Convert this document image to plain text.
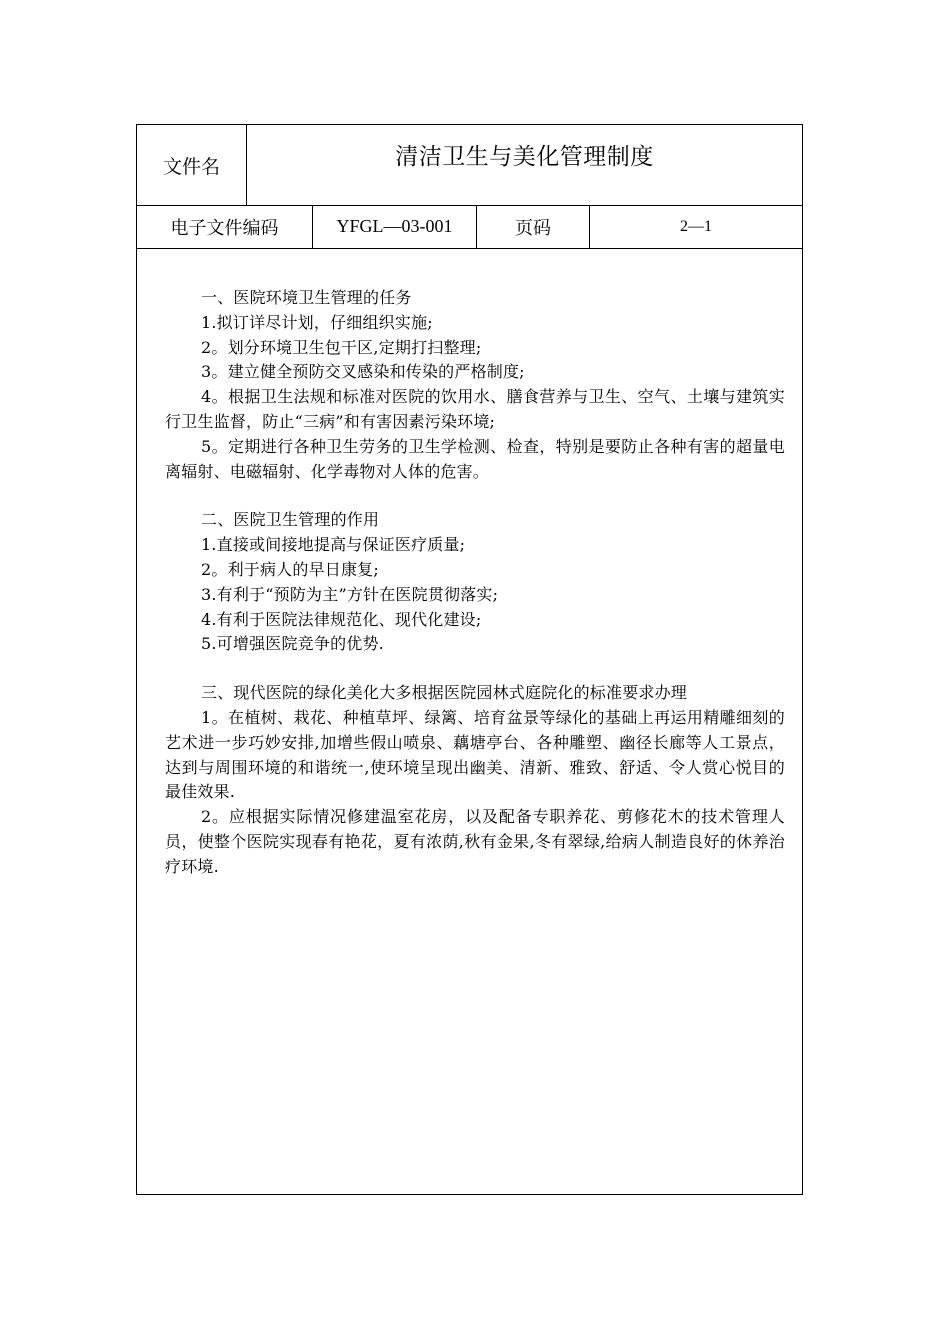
文件名	清洁卫生与美化管理制度
电子文件编码	YFGL—03-001	页码	2—1

一、医院环境卫生管理的任务

1.拟订详尽计划，仔细组织实施;

2。划分环境卫生包干区,定期打扫整理;

3。建立健全预防交叉感染和传染的严格制度;

4。根据卫生法规和标准对医院的饮用水、膳食营养与卫生、空气、土壤与建筑实行卫生监督，防止“三病”和有害因素污染环境;

5。定期进行各种卫生劳务的卫生学检测、检查，特别是要防止各种有害的超量电离辐射、电磁辐射、化学毒物对人体的危害。

二、医院卫生管理的作用

1.直接或间接地提高与保证医疗质量;

2。利于病人的早日康复;

3.有利于“预防为主”方针在医院贯彻落实;

4.有利于医院法律规范化、现代化建设;

5.可增强医院竞争的优势.

三、现代医院的绿化美化大多根据医院园林式庭院化的标准要求办理

1。在植树、栽花、种植草坪、绿篱、培育盆景等绿化的基础上再运用精雕细刻的艺术进一步巧妙安排,加增些假山喷泉、藕塘亭台、各种雕塑、幽径长廊等人工景点，达到与周围环境的和谐统一,使环境呈现出幽美、清新、雅致、舒适、令人赏心悦目的最佳效果.

2。应根据实际情况修建温室花房，以及配备专职养花、剪修花木的技术管理人员，使整个医院实现春有艳花，夏有浓荫,秋有金果,冬有翠绿,给病人制造良好的休养治疗环境.
